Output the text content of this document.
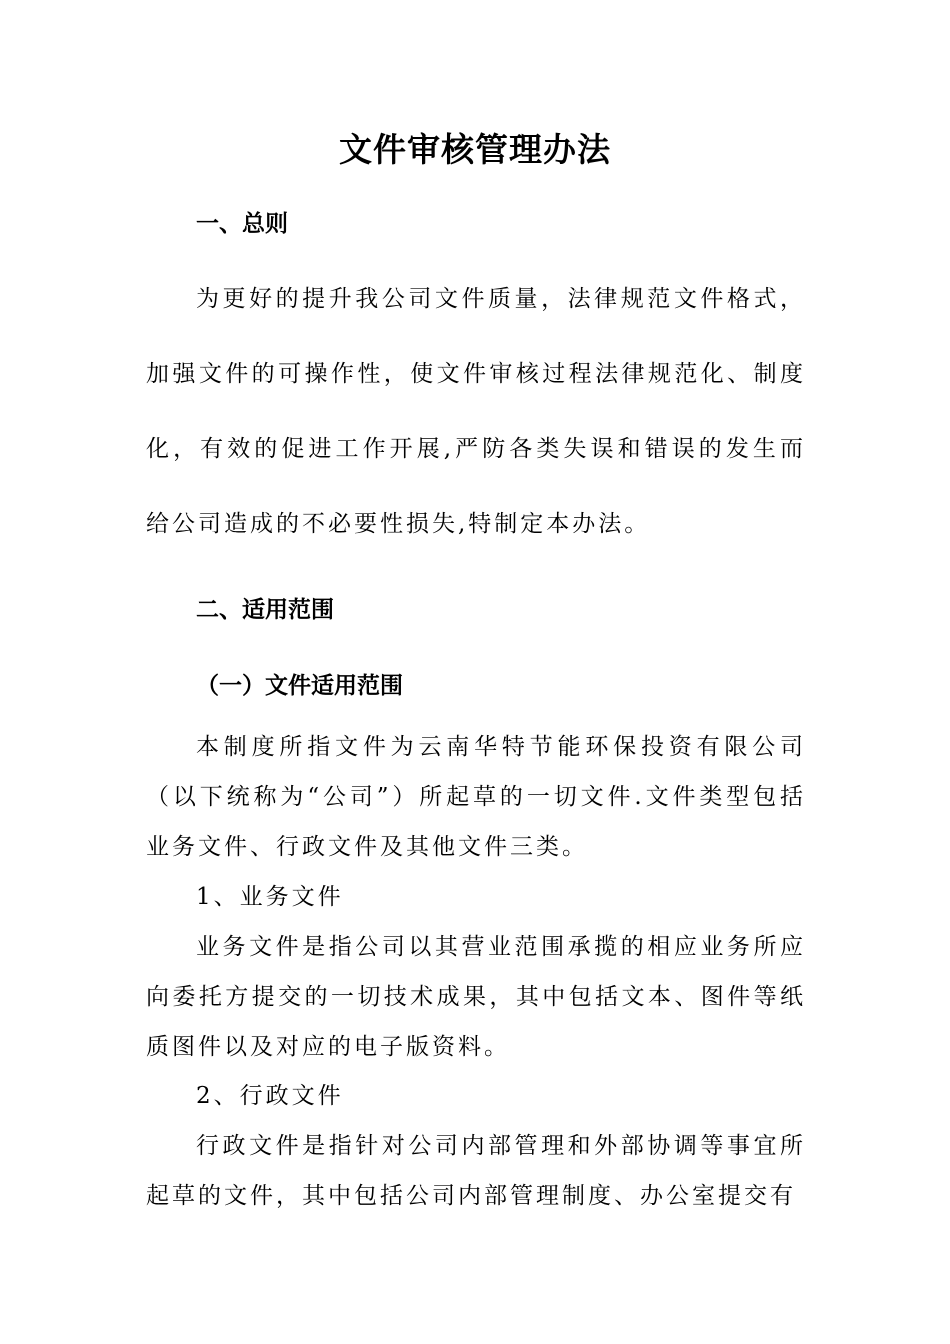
文件审核管理办法
一、总则

为更好的提升我公司文件质量，法律规范文件格式，加强文件的可操作性，使文件审核过程法律规范化、制度化，有效的促进工作开展,严防各类失误和错误的发生而给公司造成的不必要性损失,特制定本办法。

二、适用范围
（一）文件适用范围

本制度所指文件为云南华特节能环保投资有限公司（以下统称为“公司”）所起草的一切文件.文件类型包括业务文件、行政文件及其他文件三类。

1、业务文件

业务文件是指公司以其营业范围承揽的相应业务所应向委托方提交的一切技术成果，其中包括文本、图件等纸质图件以及对应的电子版资料。

2、行政文件

行政文件是指针对公司内部管理和外部协调等事宜所起草的文件，其中包括公司内部管理制度、办公室提交有
